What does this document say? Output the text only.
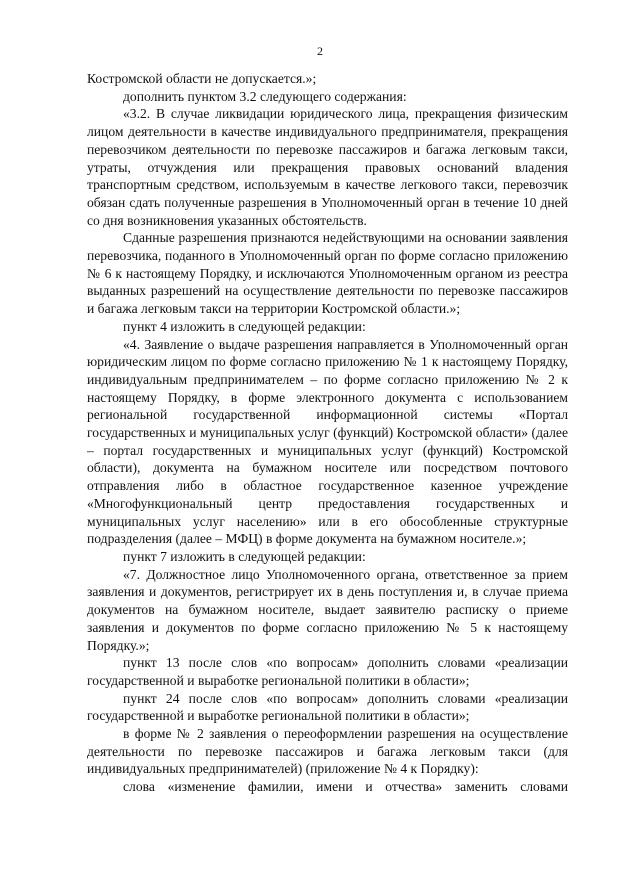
2

Костромской области не допускается.»;

дополнить пунктом 3.2 следующего содержания:

«3.2. В случае ликвидации юридического лица, прекращения физическим лицом деятельности в качестве индивидуального предпринимателя, прекращения перевозчиком деятельности по перевозке пассажиров и багажа легковым такси, утраты, отчуждения или прекращения правовых оснований владения транспортным средством, используемым в качестве легкового такси, перевозчик обязан сдать полученные разрешения в Уполномоченный орган в течение 10 дней со дня возникновения указанных обстоятельств.

Сданные разрешения признаются недействующими на основании заявления перевозчика, поданного в Уполномоченный орган по форме согласно приложению № 6 к настоящему Порядку, и исключаются Уполномоченным органом из реестра выданных разрешений на осуществление деятельности по перевозке пассажиров и багажа легковым такси на территории Костромской области.»;

пункт 4 изложить в следующей редакции:

«4. Заявление о выдаче разрешения направляется в Уполномоченный орган юридическим лицом по форме согласно приложению № 1 к настоящему Порядку, индивидуальным предпринимателем – по форме согласно приложению № 2 к настоящему Порядку, в форме электронного документа с использованием региональной государственной информационной системы «Портал государственных и муниципальных услуг (функций) Костромской области» (далее – портал государственных и муниципальных услуг (функций) Костромской области), документа на бумажном носителе или посредством почтового отправления либо в областное государственное казенное учреждение «Многофункциональный центр предоставления государственных и муниципальных услуг населению» или в его обособленные структурные подразделения (далее – МФЦ) в форме документа на бумажном носителе.»;

пункт 7 изложить в следующей редакции:

«7. Должностное лицо Уполномоченного органа, ответственное за прием заявления и документов, регистрирует их в день поступления и, в случае приема документов на бумажном носителе, выдает заявителю расписку о приеме заявления и документов по форме согласно приложению № 5 к настоящему Порядку.»;

пункт 13 после слов «по вопросам» дополнить словами «реализации государственной и выработке региональной политики в области»;

пункт 24 после слов «по вопросам» дополнить словами «реализации государственной и выработке региональной политики в области»;

в форме № 2 заявления о переоформлении разрешения на осуществление деятельности по перевозке пассажиров и багажа легковым такси (для индивидуальных предпринимателей) (приложение № 4 к Порядку):

слова «изменение фамилии, имени и отчества» заменить словами
